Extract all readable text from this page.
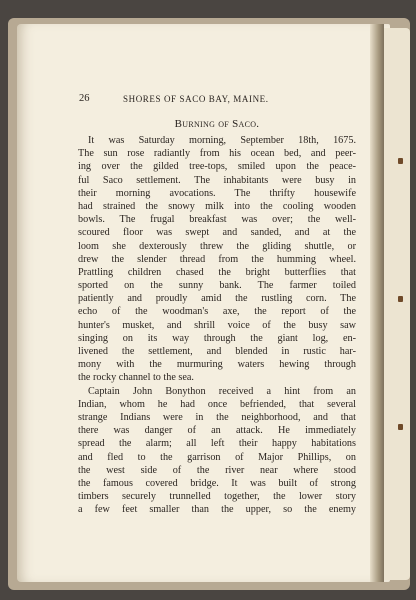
26	SHORES OF SACO BAY, MAINE.
Burning of Saco.
It was Saturday morning, September 18th, 1675.
The sun rose radiantly from his ocean bed, and peer-
ing over the gilded tree-tops, smiled upon the peace-
ful Saco settlement. The inhabitants were busy in
their morning avocations. The thrifty housewife
had strained the snowy milk into the cooling wooden
bowls. The frugal breakfast was over; the well-
scoured floor was swept and sanded, and at the
loom she dexterously threw the gliding shuttle, or
drew the slender thread from the humming wheel.
Prattling children chased the bright butterflies that
sported on the sunny bank. The farmer toiled
patiently and proudly amid the rustling corn. The
echo of the woodman's axe, the report of the
hunter's musket, and shrill voice of the busy saw
singing on its way through the giant log, en-
livened the settlement, and blended in rustic har-
mony with the murmuring waters hewing through
the rocky channel to the sea.
Captain John Bonython received a hint from an
Indian, whom he had once befriended, that several
strange Indians were in the neighborhood, and that
there was danger of an attack. He immediately
spread the alarm; all left their happy habitations
and fled to the garrison of Major Phillips, on
the west side of the river near where stood
the famous covered bridge. It was built of strong
timbers securely trunnelled together, the lower story
a few feet smaller than the upper, so the enemy
